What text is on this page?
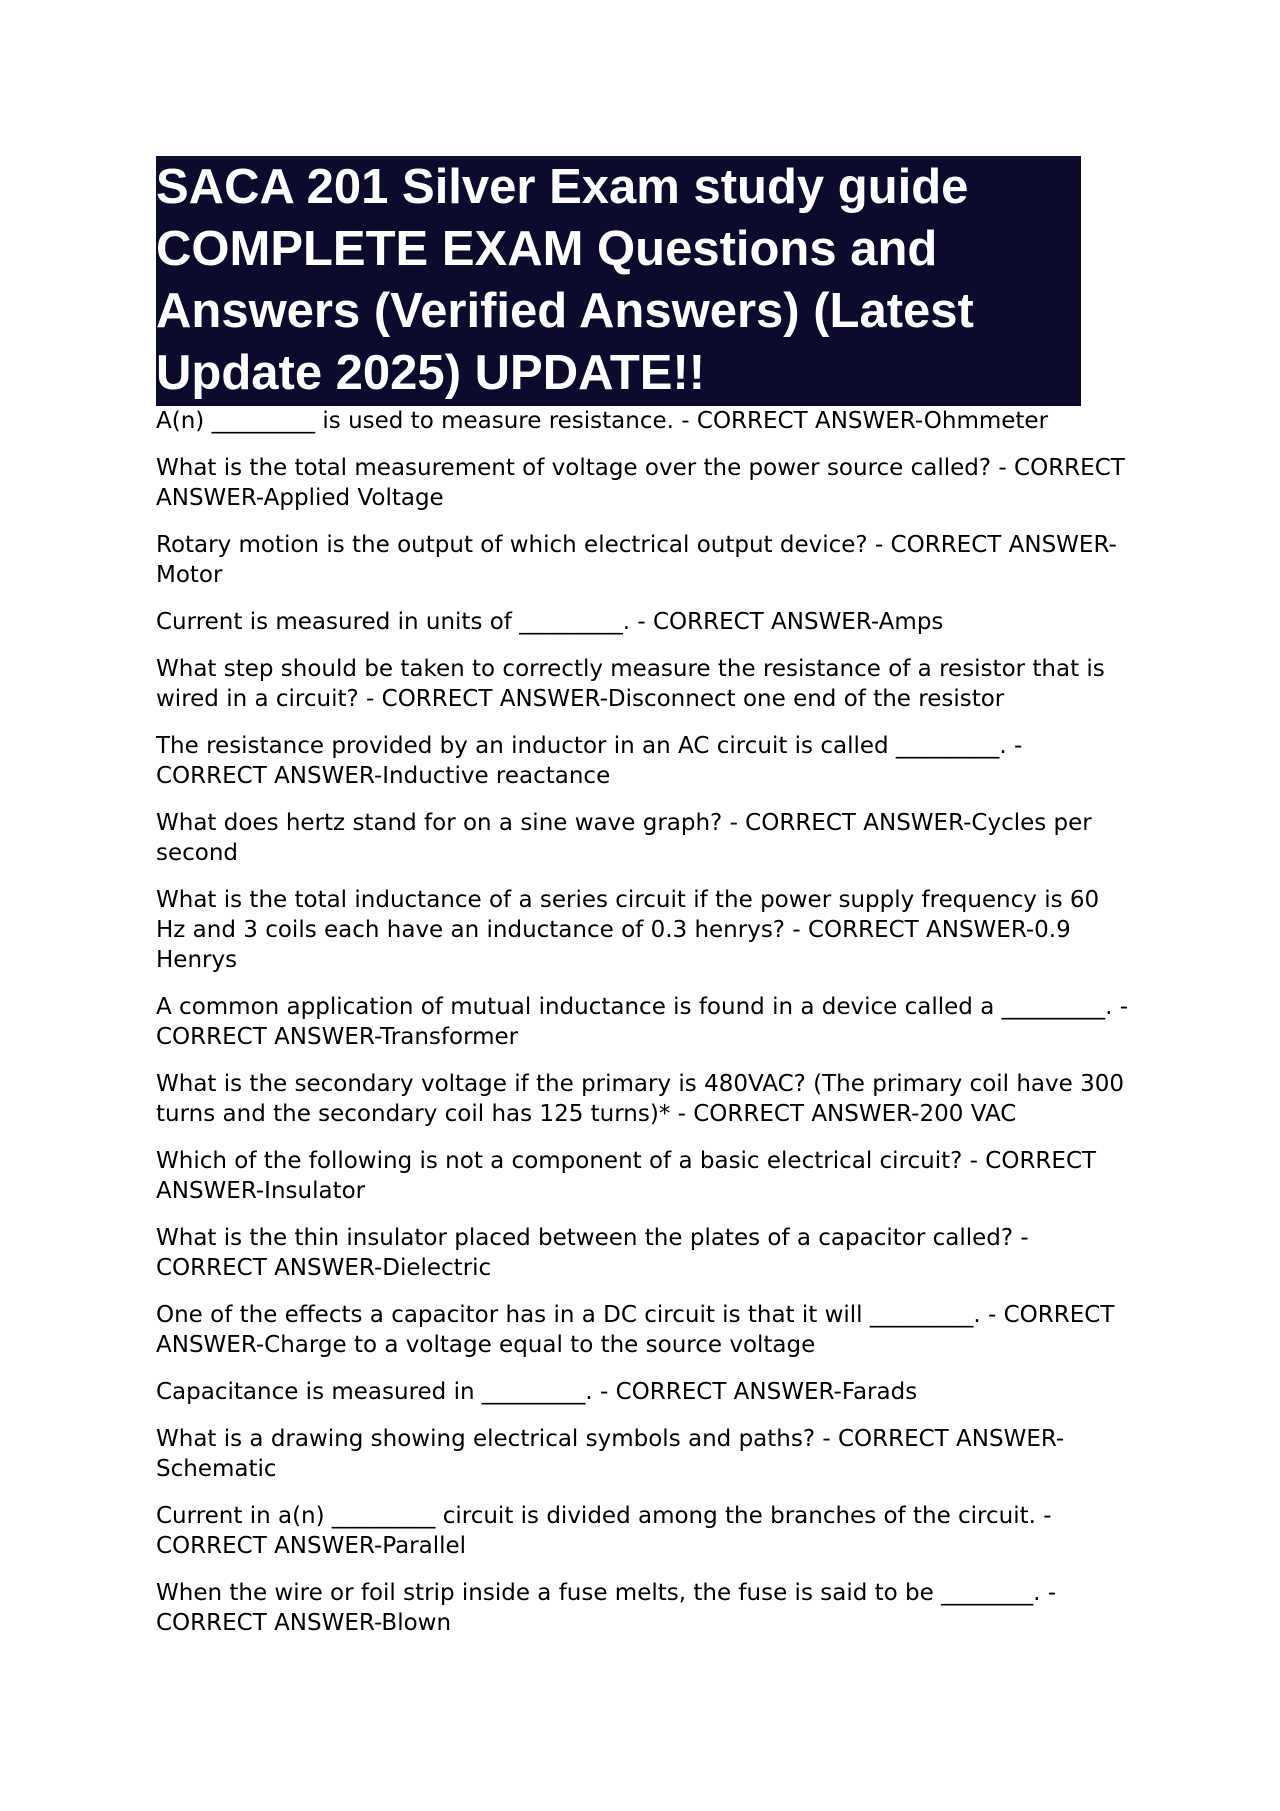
SACA 201 Silver Exam study guide COMPLETE EXAM Questions and Answers (Verified Answers) (Latest Update 2025) UPDATE!!
A(n) _________ is used to measure resistance. - CORRECT ANSWER-Ohmmeter
What is the total measurement of voltage over the power source called? - CORRECT ANSWER-Applied Voltage
Rotary motion is the output of which electrical output device? - CORRECT ANSWER-Motor
Current is measured in units of _________. - CORRECT ANSWER-Amps
What step should be taken to correctly measure the resistance of a resistor that is wired in a circuit? - CORRECT ANSWER-Disconnect one end of the resistor
The resistance provided by an inductor in an AC circuit is called _________. - CORRECT ANSWER-Inductive reactance
What does hertz stand for on a sine wave graph? - CORRECT ANSWER-Cycles per second
What is the total inductance of a series circuit if the power supply frequency is 60 Hz and 3 coils each have an inductance of 0.3 henrys? - CORRECT ANSWER-0.9 Henrys
A common application of mutual inductance is found in a device called a _________. - CORRECT ANSWER-Transformer
What is the secondary voltage if the primary is 480VAC? (The primary coil have 300 turns and the secondary coil has 125 turns)* - CORRECT ANSWER-200 VAC
Which of the following is not a component of a basic electrical circuit? - CORRECT ANSWER-Insulator
What is the thin insulator placed between the plates of a capacitor called? - CORRECT ANSWER-Dielectric
One of the effects a capacitor has in a DC circuit is that it will _________. - CORRECT ANSWER-Charge to a voltage equal to the source voltage
Capacitance is measured in _________. - CORRECT ANSWER-Farads
What is a drawing showing electrical symbols and paths? - CORRECT ANSWER-Schematic
Current in a(n) _________ circuit is divided among the branches of the circuit. - CORRECT ANSWER-Parallel
When the wire or foil strip inside a fuse melts, the fuse is said to be ________. - CORRECT ANSWER-Blown
